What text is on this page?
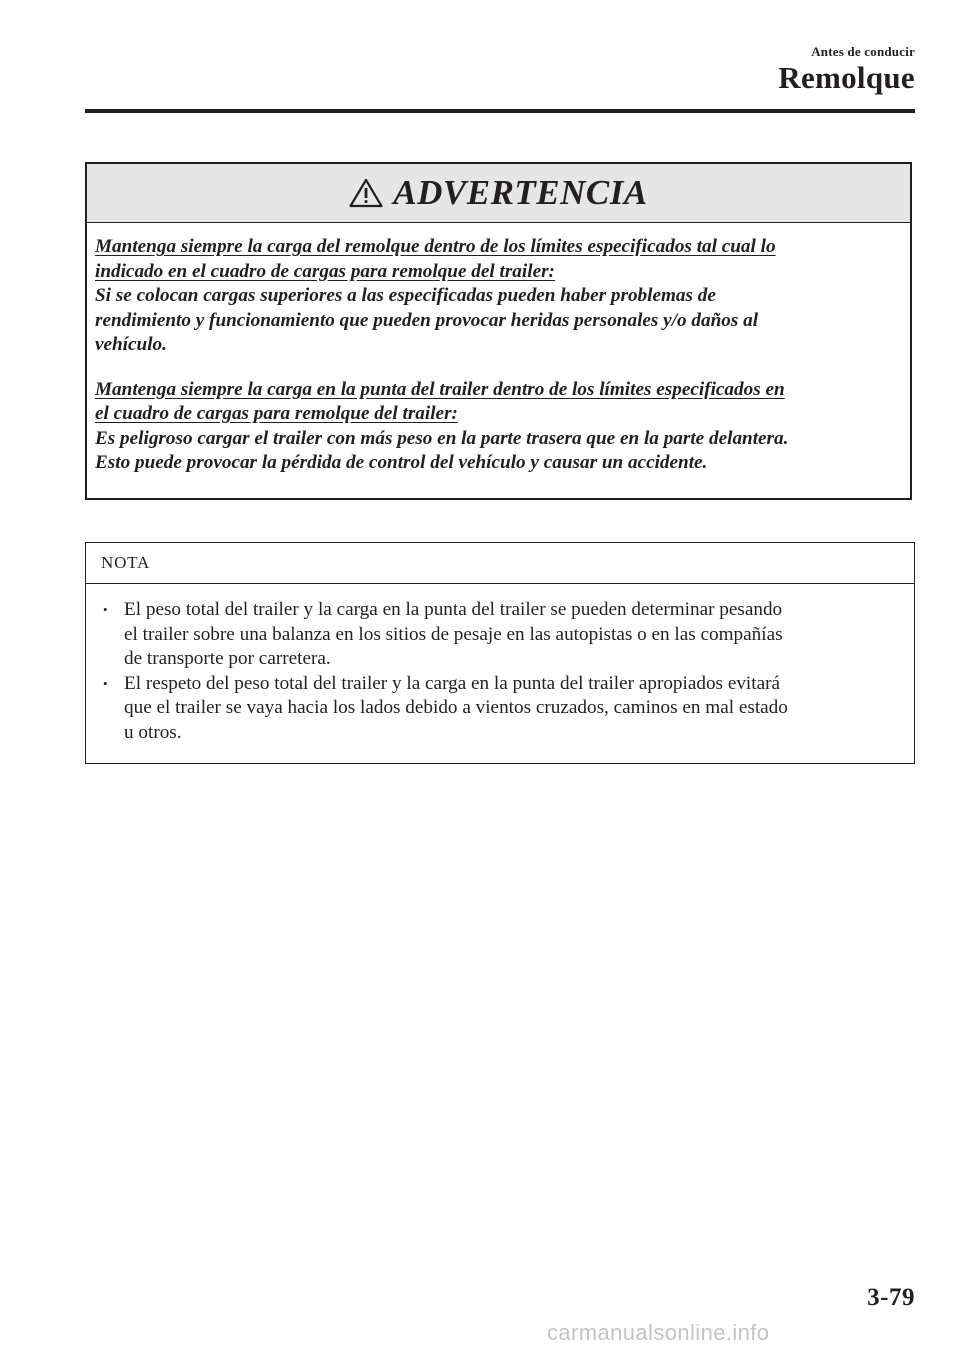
Antes de conducir
Remolque
ADVERTENCIA

Mantenga siempre la carga del remolque dentro de los límites especificados tal cual lo

indicado en el cuadro de cargas para remolque del trailer:

Si se colocan cargas superiores a las especificadas pueden haber problemas de

rendimiento y funcionamiento que pueden provocar heridas personales y/o daños al

vehículo.

Mantenga siempre la carga en la punta del trailer dentro de los límites especificados en

el cuadro de cargas para remolque del trailer:

Es peligroso cargar el trailer con más peso en la parte trasera que en la parte delantera.

Esto puede provocar la pérdida de control del vehículo y causar un accidente.

NOTA
• El peso total del trailer y la carga en la punta del trailer se pueden determinar pesando

el trailer sobre una balanza en los sitios de pesaje en las autopistas o en las compañías

de transporte por carretera.

• El respeto del peso total del trailer y la carga en la punta del trailer apropiados evitará

que el trailer se vaya hacia los lados debido a vientos cruzados, caminos en mal estado

u otros.

3-79
carmanualsonline.info
